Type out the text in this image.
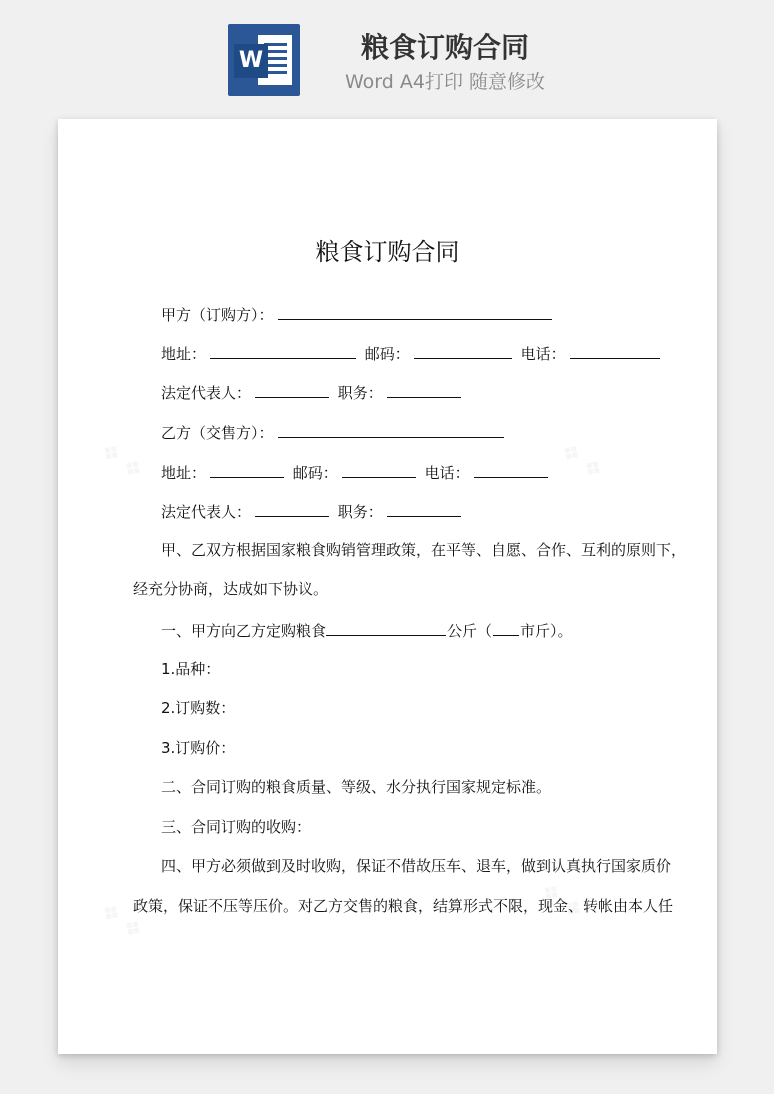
W	粮食订购合同
Word A4打印 随意修改
粮食订购合同
甲方（订购方）：
地址：	邮码：	电话：
法定代表人：	职务：
乙方（交售方）：
地址：	邮码：	电话：
法定代表人：	职务：
甲、乙双方根据国家粮食购销管理政策，在平等、自愿、合作、互利的原则下，
经充分协商，达成如下协议。
一、甲方向乙方定购粮食	公斤（ 市斤）。
1.品种：
2.订购数：
3.订购价：
二、合同订购的粮食质量、等级、水分执行国家规定标准。
三、合同订购的收购：
四、甲方必须做到及时收购，保证不借故压车、退车，做到认真执行国家质价
政策，保证不压等压价。对乙方交售的粮食，结算形式不限，现金、转帐由本人任
